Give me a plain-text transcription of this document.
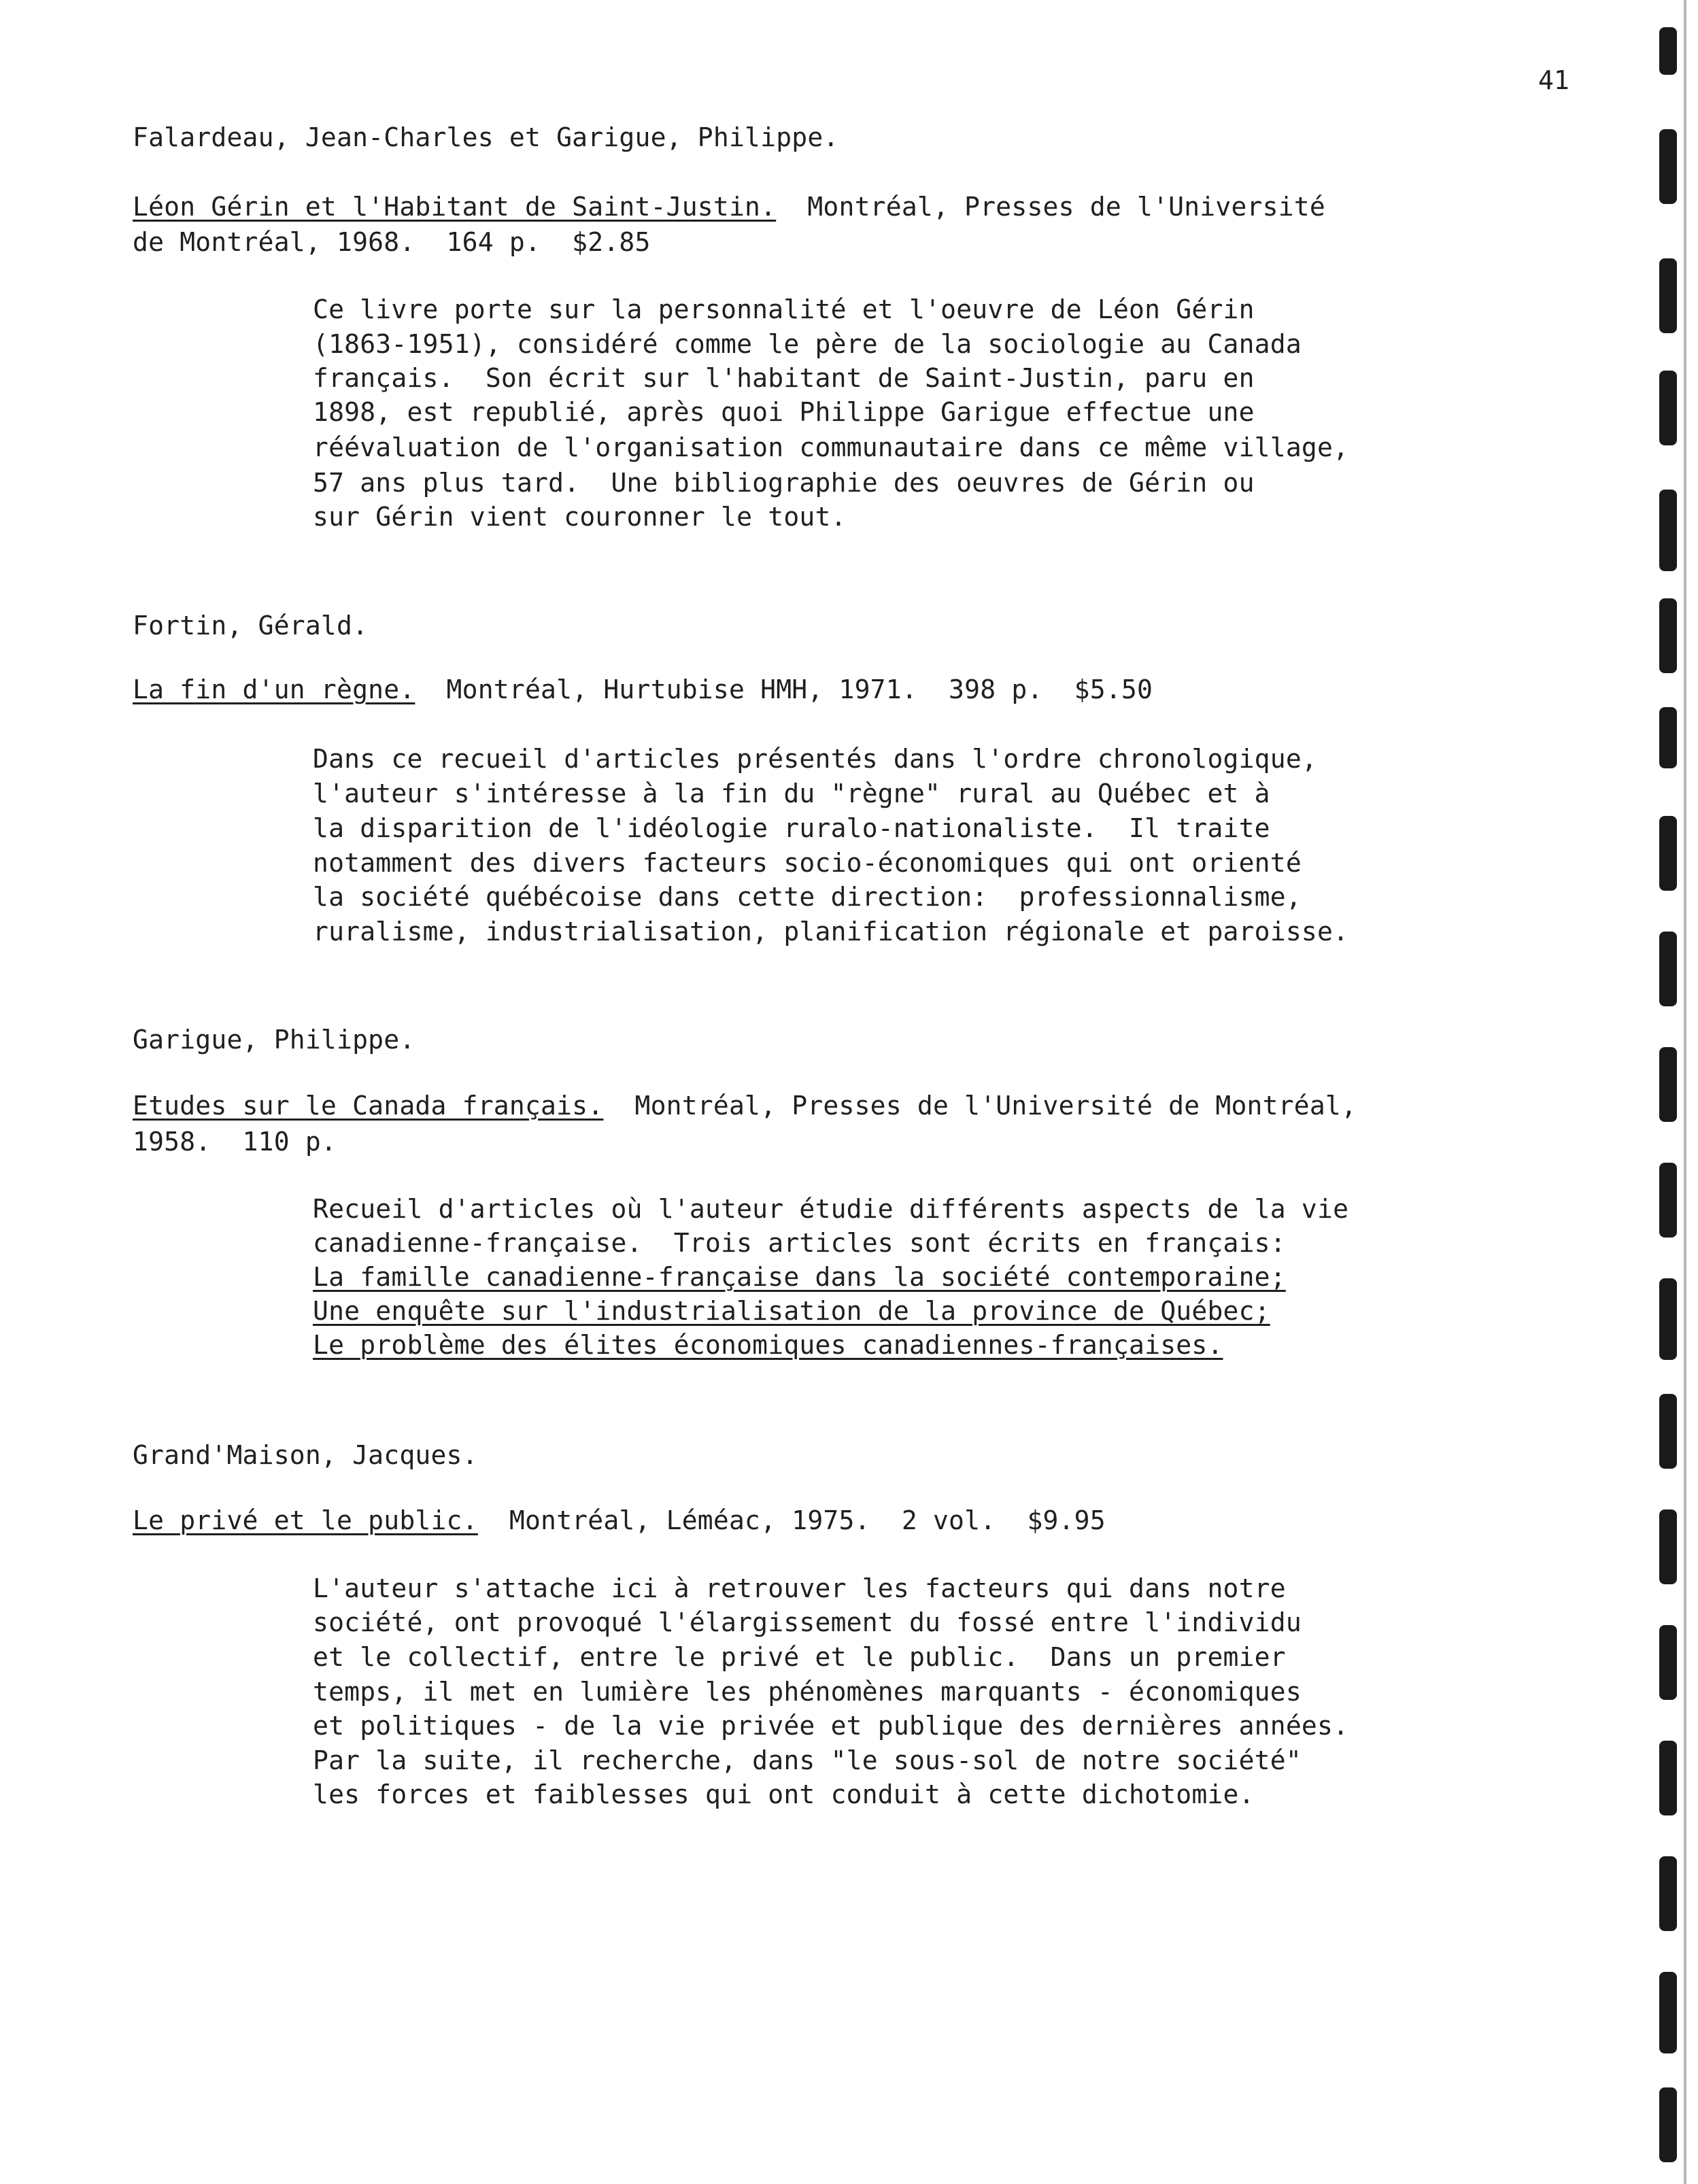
41
Falardeau, Jean-Charles et Garigue, Philippe.
Léon Gérin et l'Habitant de Saint-Justin.  Montréal, Presses de l'Université
de Montréal, 1968.  164 p.  $2.85
Ce livre porte sur la personnalité et l'oeuvre de Léon Gérin
(1863-1951), considéré comme le père de la sociologie au Canada
français.  Son écrit sur l'habitant de Saint-Justin, paru en
1898, est republié, après quoi Philippe Garigue effectue une
réévaluation de l'organisation communautaire dans ce même village,
57 ans plus tard.  Une bibliographie des oeuvres de Gérin ou
sur Gérin vient couronner le tout.
Fortin, Gérald.
La fin d'un règne.  Montréal, Hurtubise HMH, 1971.  398 p.  $5.50
Dans ce recueil d'articles présentés dans l'ordre chronologique,
l'auteur s'intéresse à la fin du "règne" rural au Québec et à
la disparition de l'idéologie ruralo-nationaliste.  Il traite
notamment des divers facteurs socio-économiques qui ont orienté
la société québécoise dans cette direction:  professionnalisme,
ruralisme, industrialisation, planification régionale et paroisse.
Garigue, Philippe.
Etudes sur le Canada français.  Montréal, Presses de l'Université de Montréal,
1958.  110 p.
Recueil d'articles où l'auteur étudie différents aspects de la vie
canadienne-française.  Trois articles sont écrits en français:
La famille canadienne-française dans la société contemporaine;
Une enquête sur l'industrialisation de la province de Québec;
Le problème des élites économiques canadiennes-françaises.
Grand'Maison, Jacques.
Le privé et le public.  Montréal, Léméac, 1975.  2 vol.  $9.95
L'auteur s'attache ici à retrouver les facteurs qui dans notre
société, ont provoqué l'élargissement du fossé entre l'individu
et le collectif, entre le privé et le public.  Dans un premier
temps, il met en lumière les phénomènes marquants - économiques
et politiques - de la vie privée et publique des dernières années.
Par la suite, il recherche, dans "le sous-sol de notre société"
les forces et faiblesses qui ont conduit à cette dichotomie.
